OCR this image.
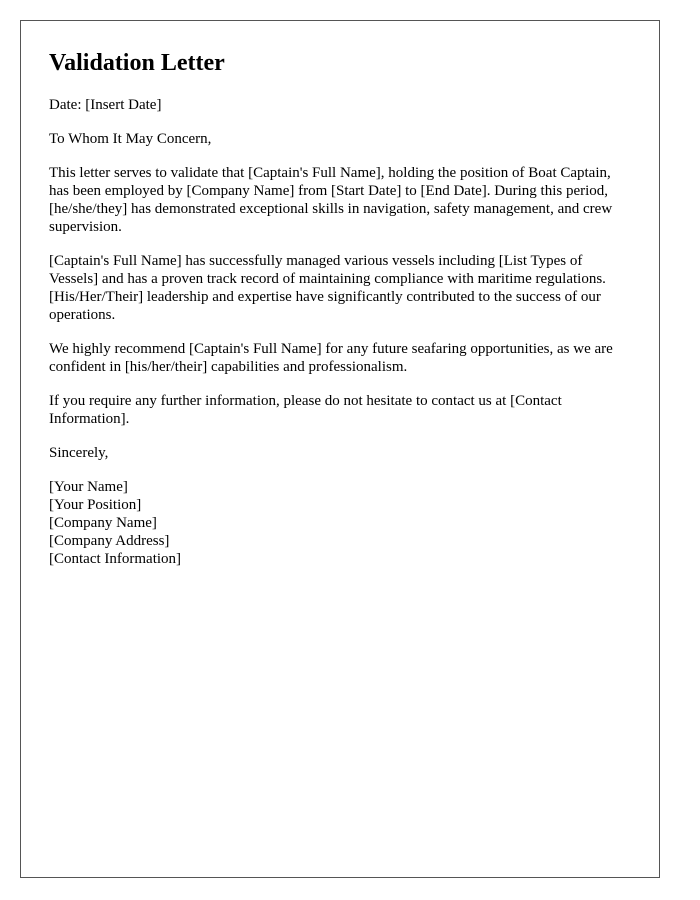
Validation Letter

Date: [Insert Date]

To Whom It May Concern,

This letter serves to validate that [Captain's Full Name], holding the position of Boat Captain, has been employed by [Company Name] from [Start Date] to [End Date]. During this period, [he/she/they] has demonstrated exceptional skills in navigation, safety management, and crew supervision.

[Captain's Full Name] has successfully managed various vessels including [List Types of Vessels] and has a proven track record of maintaining compliance with maritime regulations. [His/Her/Their] leadership and expertise have significantly contributed to the success of our operations.

We highly recommend [Captain's Full Name] for any future seafaring opportunities, as we are confident in [his/her/their] capabilities and professionalism.

If you require any further information, please do not hesitate to contact us at [Contact Information].

Sincerely,

[Your Name]
[Your Position]
[Company Name]
[Company Address]
[Contact Information]
